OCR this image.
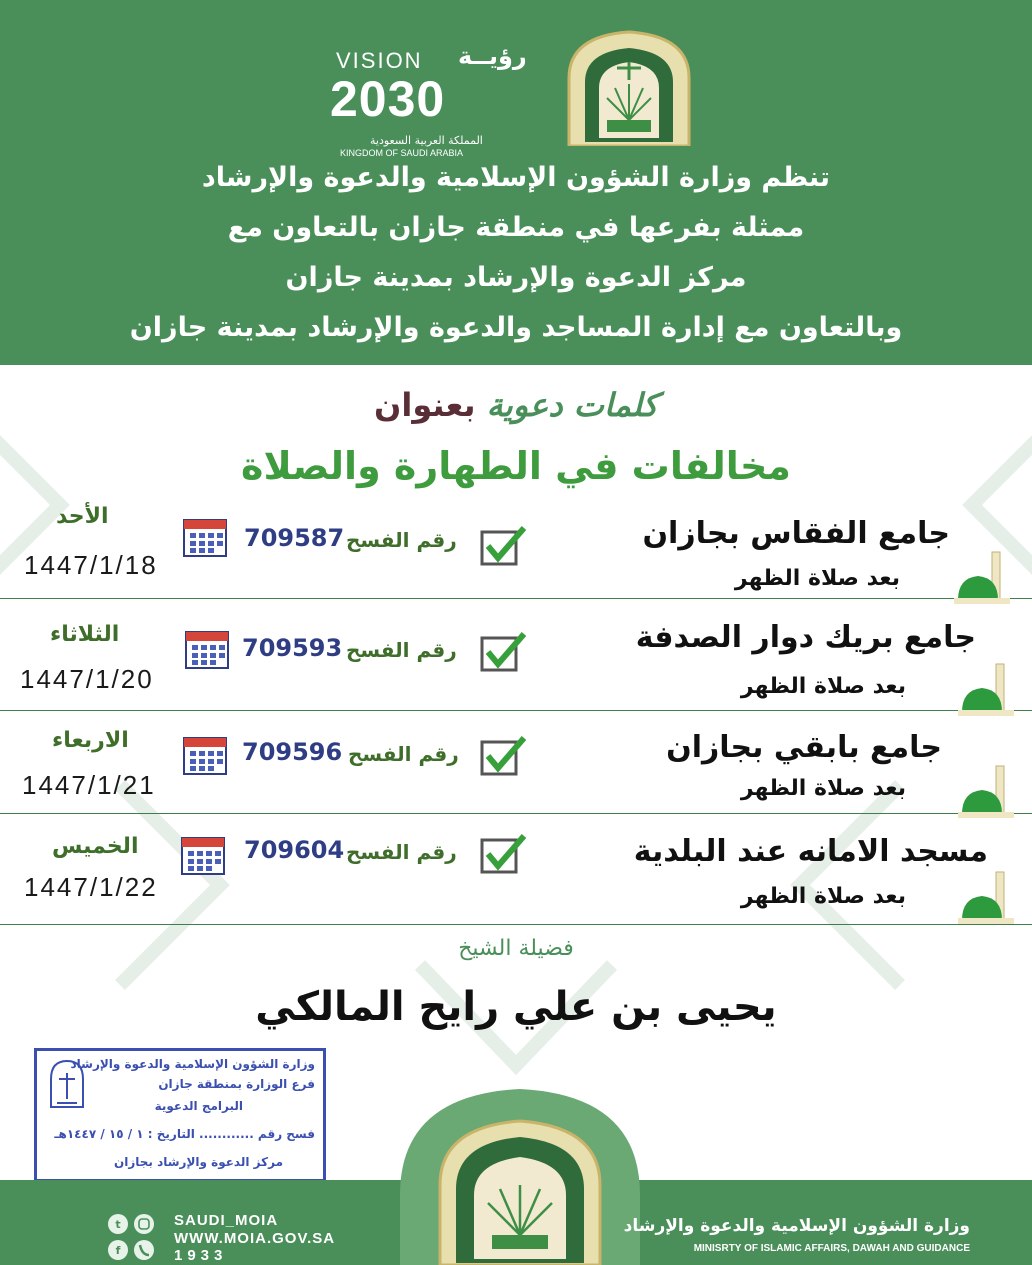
VISION رؤيــة
2030
المملكة العربية السعودية
KINGDOM OF SAUDI ARABIA
تنظم وزارة الشؤون الإسلامية والدعوة والإرشاد
ممثلة بفرعها في منطقة جازان بالتعاون مع
مركز الدعوة والإرشاد بمدينة جازان
وبالتعاون مع إدارة المساجد والدعوة والإرشاد بمدينة جازان
كلمات دعوية بعنوان
مخالفات في الطهارة والصلاة
جامع الفقاس بجازان
بعد صلاة الظهر
رقم الفسح
709587
الأحد
1447/1/18
جامع بريك دوار الصدفة
بعد صلاة الظهر
رقم الفسح
709593
الثلاثاء
1447/1/20
جامع بابقي بجازان
بعد صلاة الظهر
رقم الفسح
709596
الاربعاء
1447/1/21
مسجد الامانه عند البلدية
بعد صلاة الظهر
رقم الفسح
709604
الخميس
1447/1/22
فضيلة الشيخ
يحيى بن علي رايح المالكي
وزارة الشؤون الإسلامية والدعوة والإرشاد
فرع الوزارة بمنطقة جازان
البرامج الدعوية
فسح رقم ............ التاريخ : ١ / ١٥ / ١٤٤٧هـ
مركز الدعوة والإرشاد بجازان
t
f
SAUDI_MOIA
WWW.MOIA.GOV.SA
1933
وزارة الشؤون الإسلامية والدعوة والإرشاد
MINISRTY OF ISLAMIC AFFAIRS, DAWAH AND GUIDANCE
